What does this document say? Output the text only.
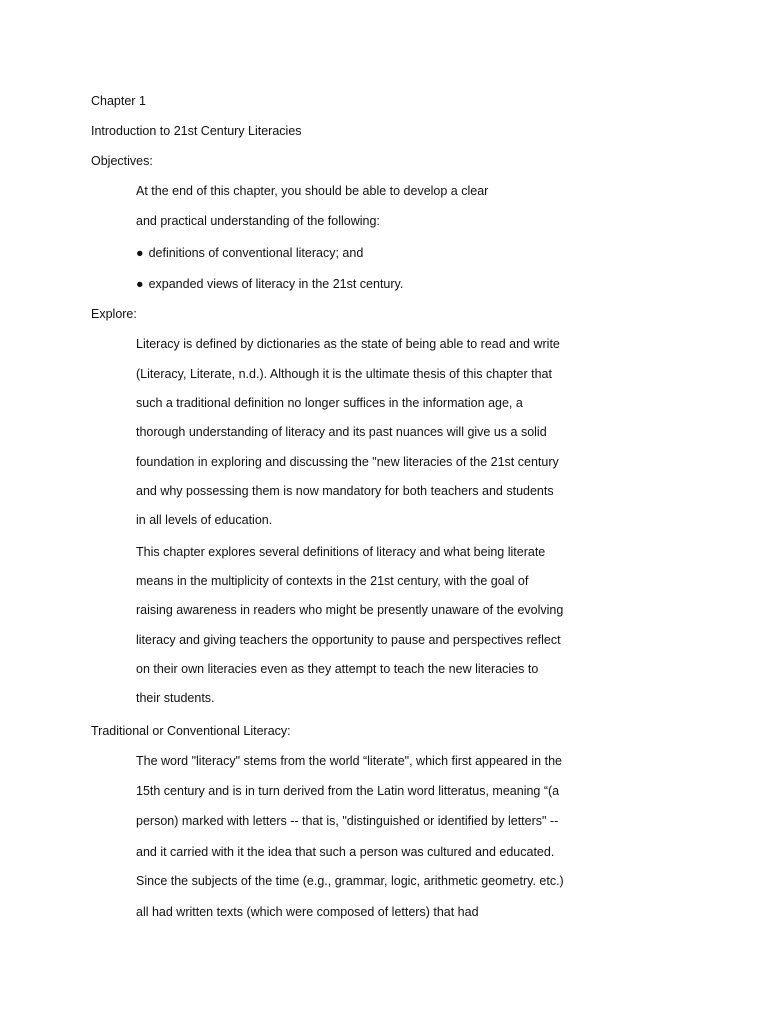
Chapter 1
Introduction to 21st Century Literacies
Objectives:
At the end of this chapter, you should be able to develop a clear
and practical understanding of the following:
● definitions of conventional literacy; and
● expanded views of literacy in the 21st century.
Explore:
Literacy is defined by dictionaries as the state of being able to read and write
(Literacy, Literate, n.d.). Although it is the ultimate thesis of this chapter that
such a traditional definition no longer suffices in the information age, a
thorough understanding of literacy and its past nuances will give us a solid
foundation in exploring and discussing the "new literacies of the 21st century
and why possessing them is now mandatory for both teachers and students
in all levels of education.
This chapter explores several definitions of literacy and what being literate
means in the multiplicity of contexts in the 21st century, with the goal of
raising awareness in readers who might be presently unaware of the evolving
literacy and giving teachers the opportunity to pause and perspectives reflect
on their own literacies even as they attempt to teach the new literacies to
their students.
Traditional or Conventional Literacy:
The word "literacy" stems from the world “literate", which first appeared in the
15th century and is in turn derived from the Latin word litteratus, meaning “(a
person) marked with letters -- that is, "distinguished or identified by letters" --
and it carried with it the idea that such a person was cultured and educated.
Since the subjects of the time (e.g., grammar, logic, arithmetic geometry. etc.)
all had written texts (which were composed of letters) that had
